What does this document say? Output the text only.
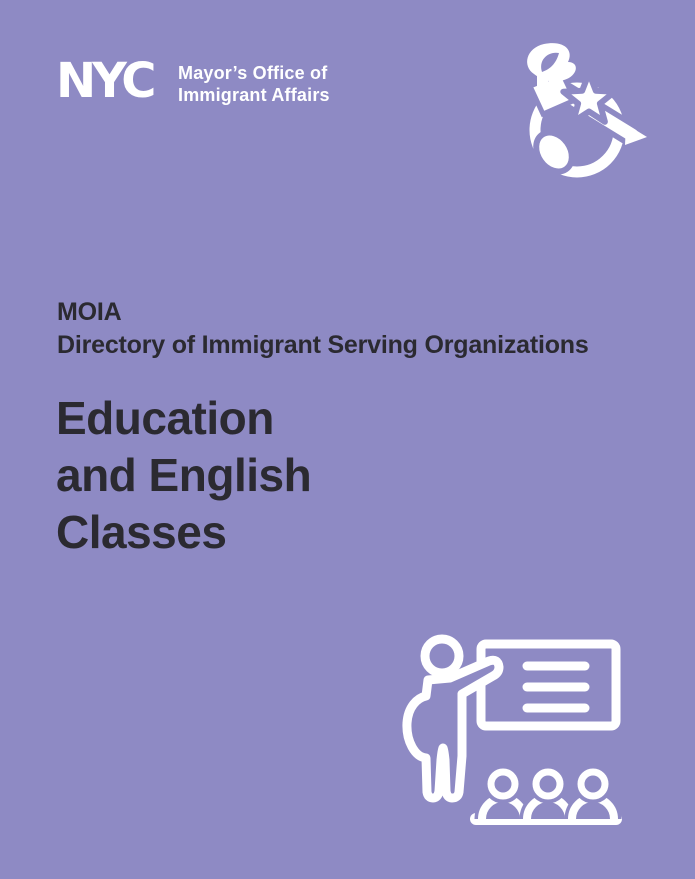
NYC Mayor’s Office of
Immigrant Affairs
MOIA
Directory of Immigrant Serving Organizations
Education
and English
Classes
